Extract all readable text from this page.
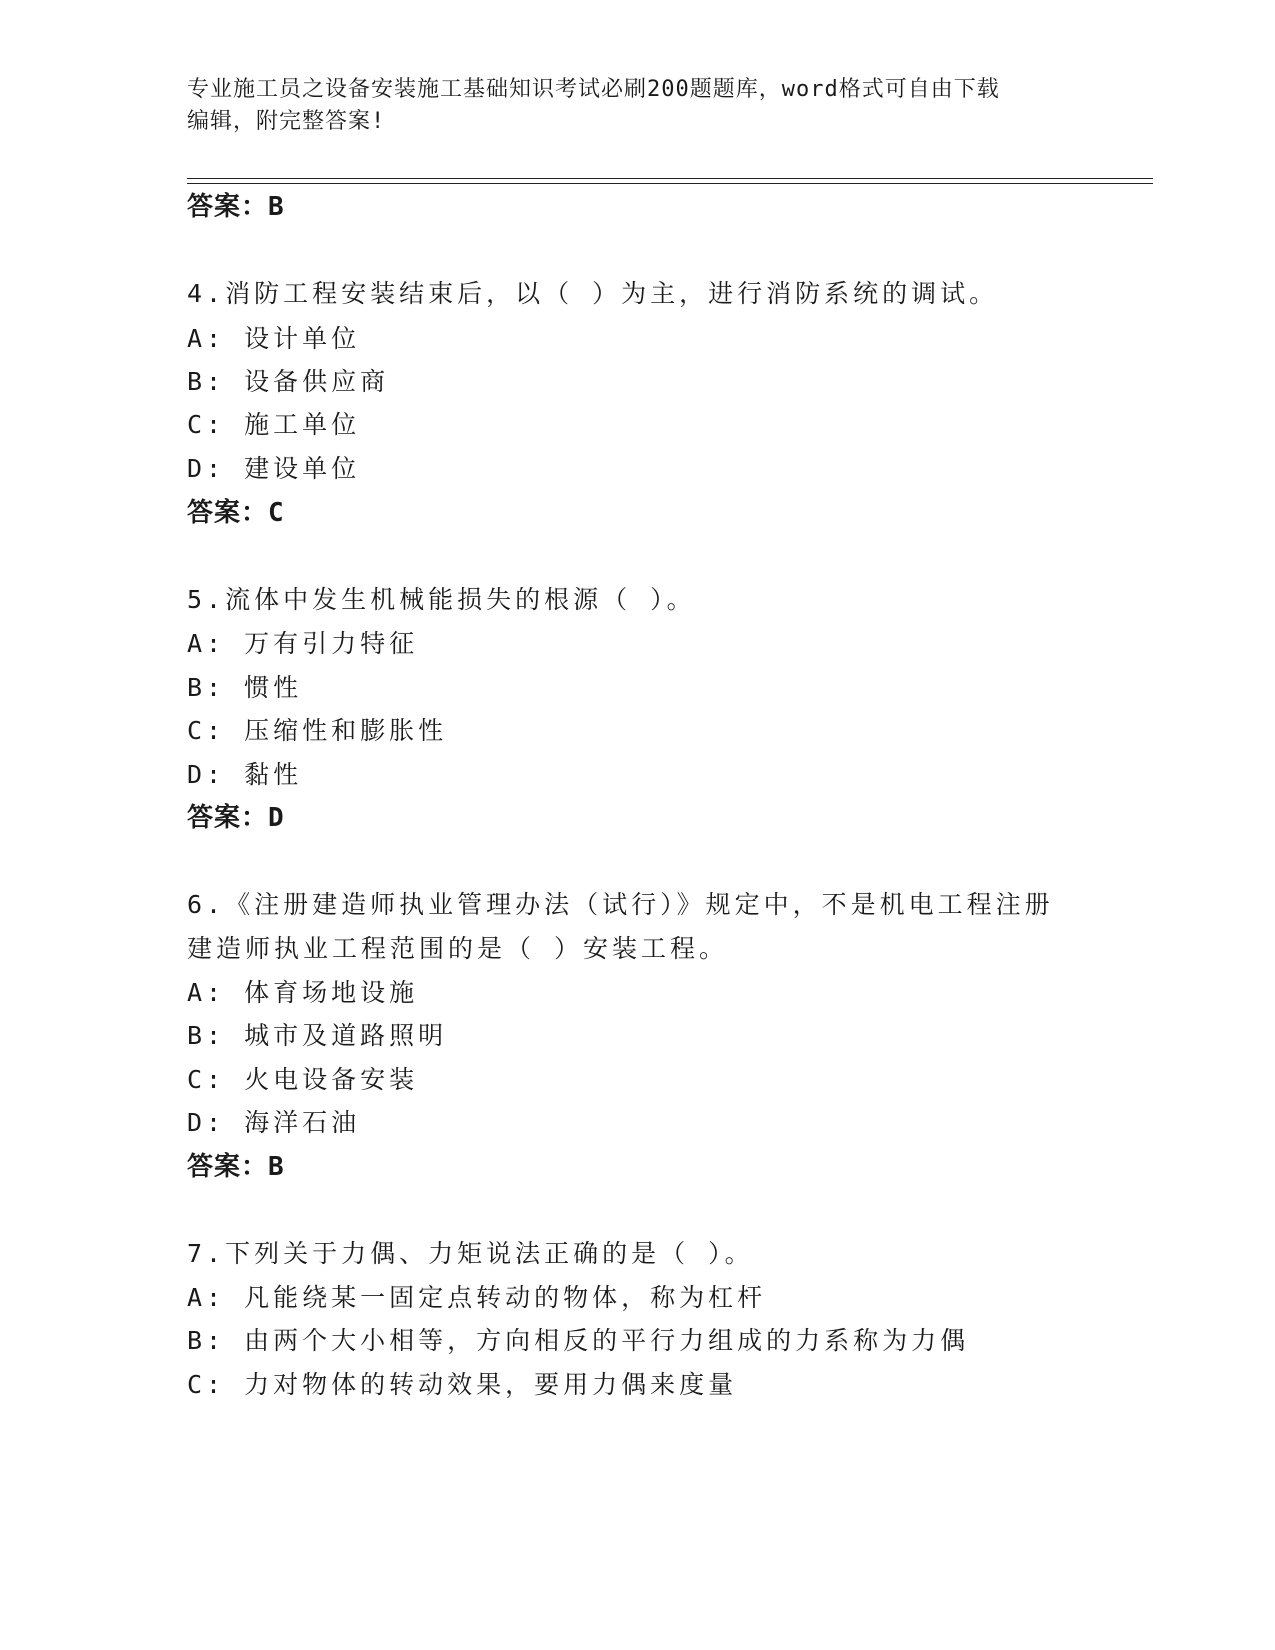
专业施工员之设备安装施工基础知识考试必刷200题题库，word格式可自由下载
编辑，附完整答案!
答案：B
4.消防工程安装结束后，以（ ）为主，进行消防系统的调试。
A: 设计单位
B: 设备供应商
C: 施工单位
D: 建设单位
答案：C
5.流体中发生机械能损失的根源（ ）。
A: 万有引力特征
B: 惯性
C: 压缩性和膨胀性
D: 黏性
答案：D
6.《注册建造师执业管理办法（试行）》规定中，不是机电工程注册
建造师执业工程范围的是（ ）安装工程。
A: 体育场地设施
B: 城市及道路照明
C: 火电设备安装
D: 海洋石油
答案：B
7.下列关于力偶、力矩说法正确的是（ ）。
A: 凡能绕某一固定点转动的物体，称为杠杆
B: 由两个大小相等，方向相反的平行力组成的力系称为力偶
C: 力对物体的转动效果，要用力偶来度量
